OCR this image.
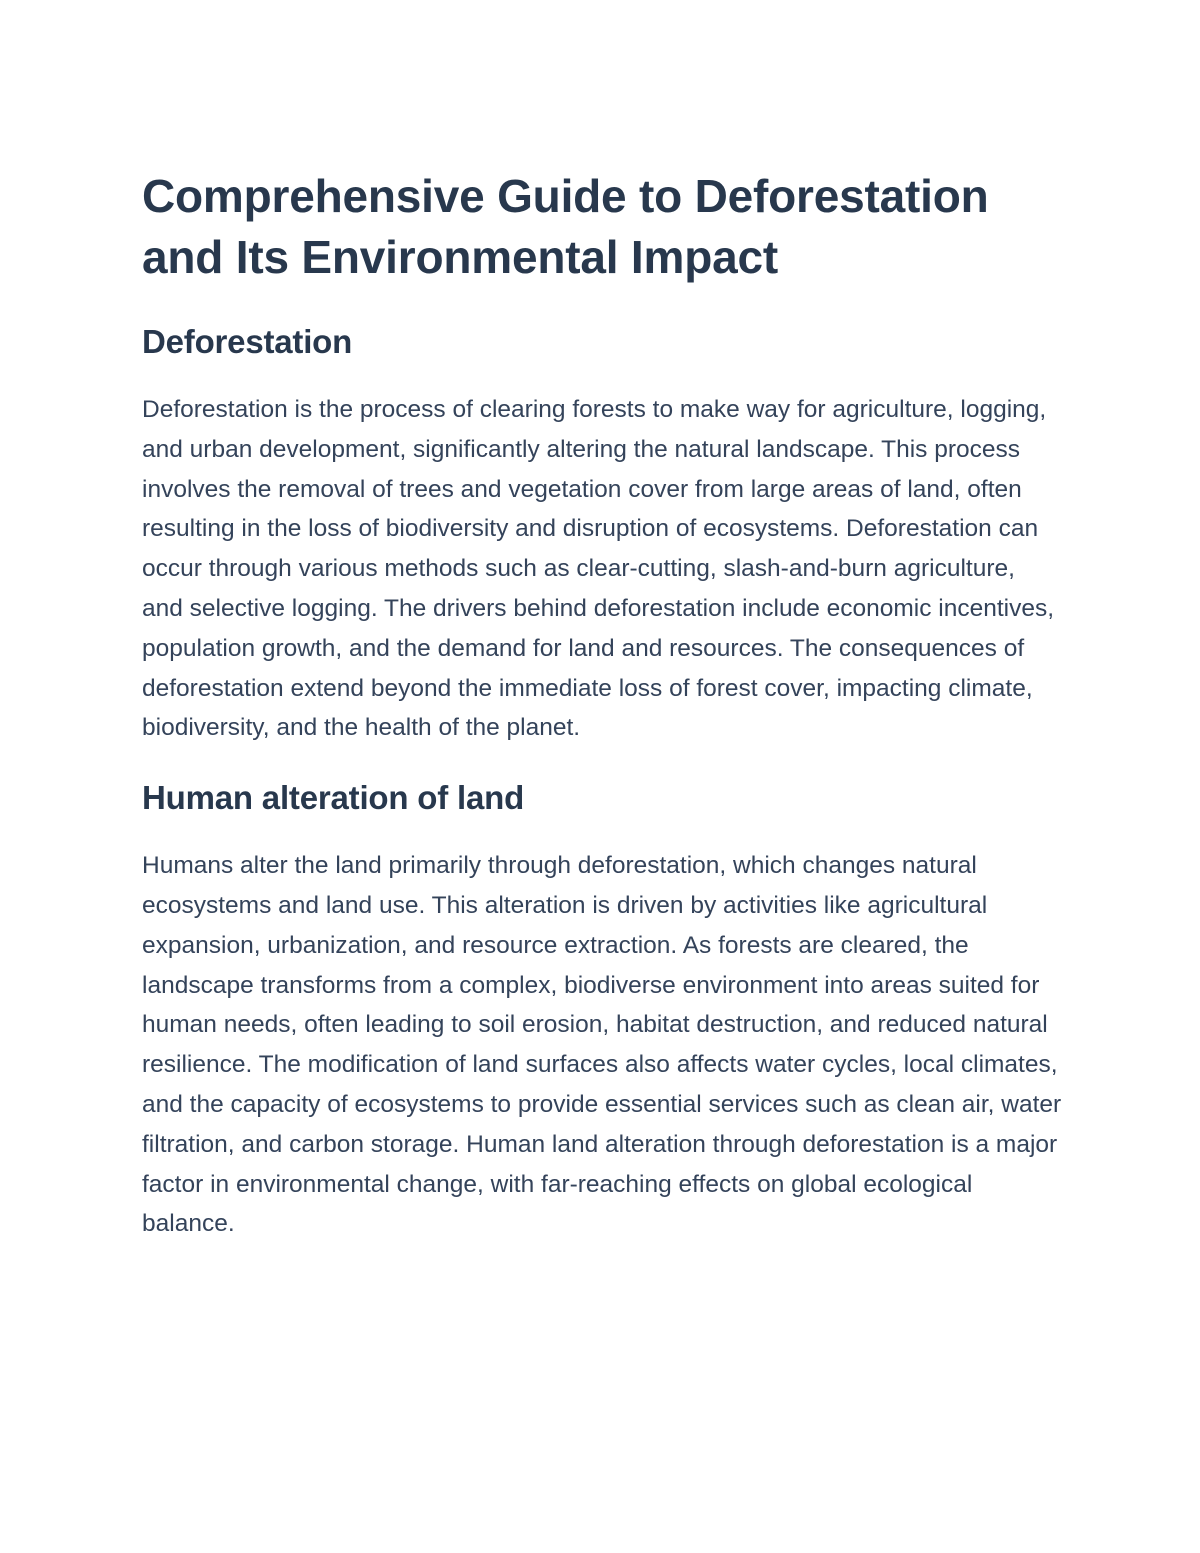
Comprehensive Guide to Deforestation and Its Environmental Impact
Deforestation

Deforestation is the process of clearing forests to make way for agriculture, logging, and urban development, significantly altering the natural landscape. This process involves the removal of trees and vegetation cover from large areas of land, often resulting in the loss of biodiversity and disruption of ecosystems. Deforestation can occur through various methods such as clear-cutting, slash-and-burn agriculture, and selective logging. The drivers behind deforestation include economic incentives, population growth, and the demand for land and resources. The consequences of deforestation extend beyond the immediate loss of forest cover, impacting climate, biodiversity, and the health of the planet.

Human alteration of land

Humans alter the land primarily through deforestation, which changes natural ecosystems and land use. This alteration is driven by activities like agricultural expansion, urbanization, and resource extraction. As forests are cleared, the landscape transforms from a complex, biodiverse environment into areas suited for human needs, often leading to soil erosion, habitat destruction, and reduced natural resilience. The modification of land surfaces also affects water cycles, local climates, and the capacity of ecosystems to provide essential services such as clean air, water filtration, and carbon storage. Human land alteration through deforestation is a major factor in environmental change, with far-reaching effects on global ecological balance.
